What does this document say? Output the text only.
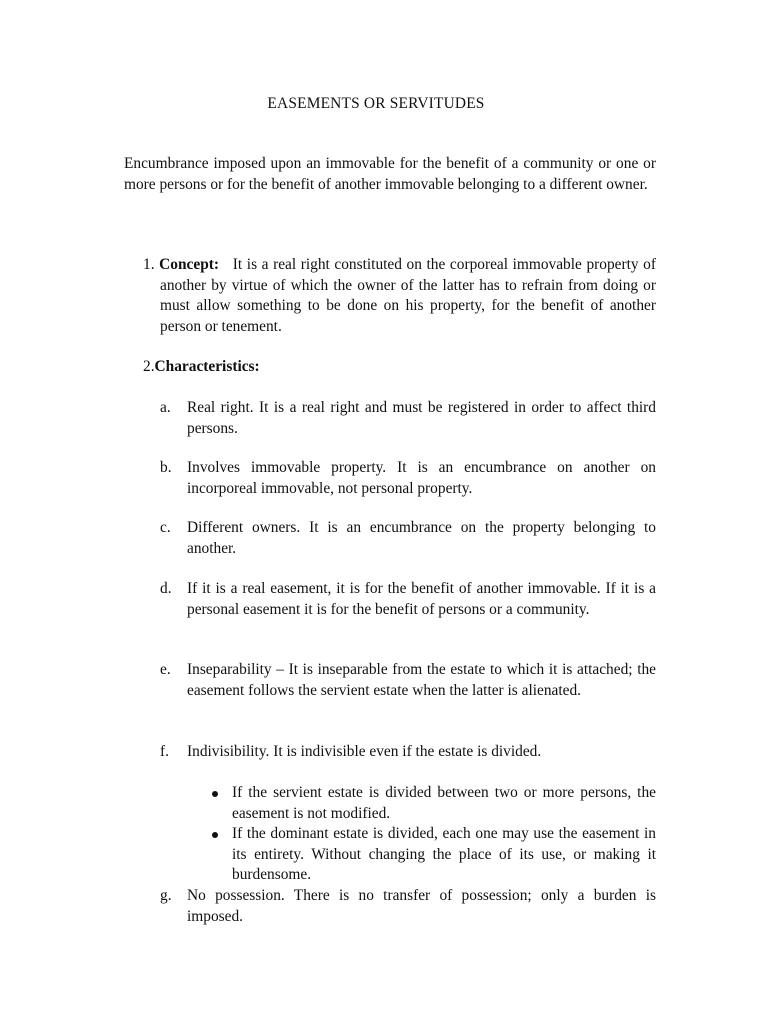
EASEMENTS OR SERVITUDES
Encumbrance imposed upon an immovable for the benefit of a community or one or more persons or for the benefit of another immovable belonging to a different owner.
1. Concept: It is a real right constituted on the corporeal immovable property of another by virtue of which the owner of the latter has to refrain from doing or must allow something to be done on his property, for the benefit of another person or tenement.
2.Characteristics:
a.	Real right. It is a real right and must be registered in order to affect third persons.
b.	Involves immovable property. It is an encumbrance on another on incorporeal immovable, not personal property.
c.	Different owners. It is an encumbrance on the property belonging to another.
d.	If it is a real easement, it is for the benefit of another immovable. If it is a personal easement it is for the benefit of persons or a community.
e.	Inseparability – It is inseparable from the estate to which it is attached; the easement follows the servient estate when the latter is alienated.
f.	Indivisibility. It is indivisible even if the estate is divided.
If the servient estate is divided between two or more persons, the easement is not modified.
If the dominant estate is divided, each one may use the easement in its entirety. Without changing the place of its use, or making it burdensome.
g.	No possession. There is no transfer of possession; only a burden is imposed.
